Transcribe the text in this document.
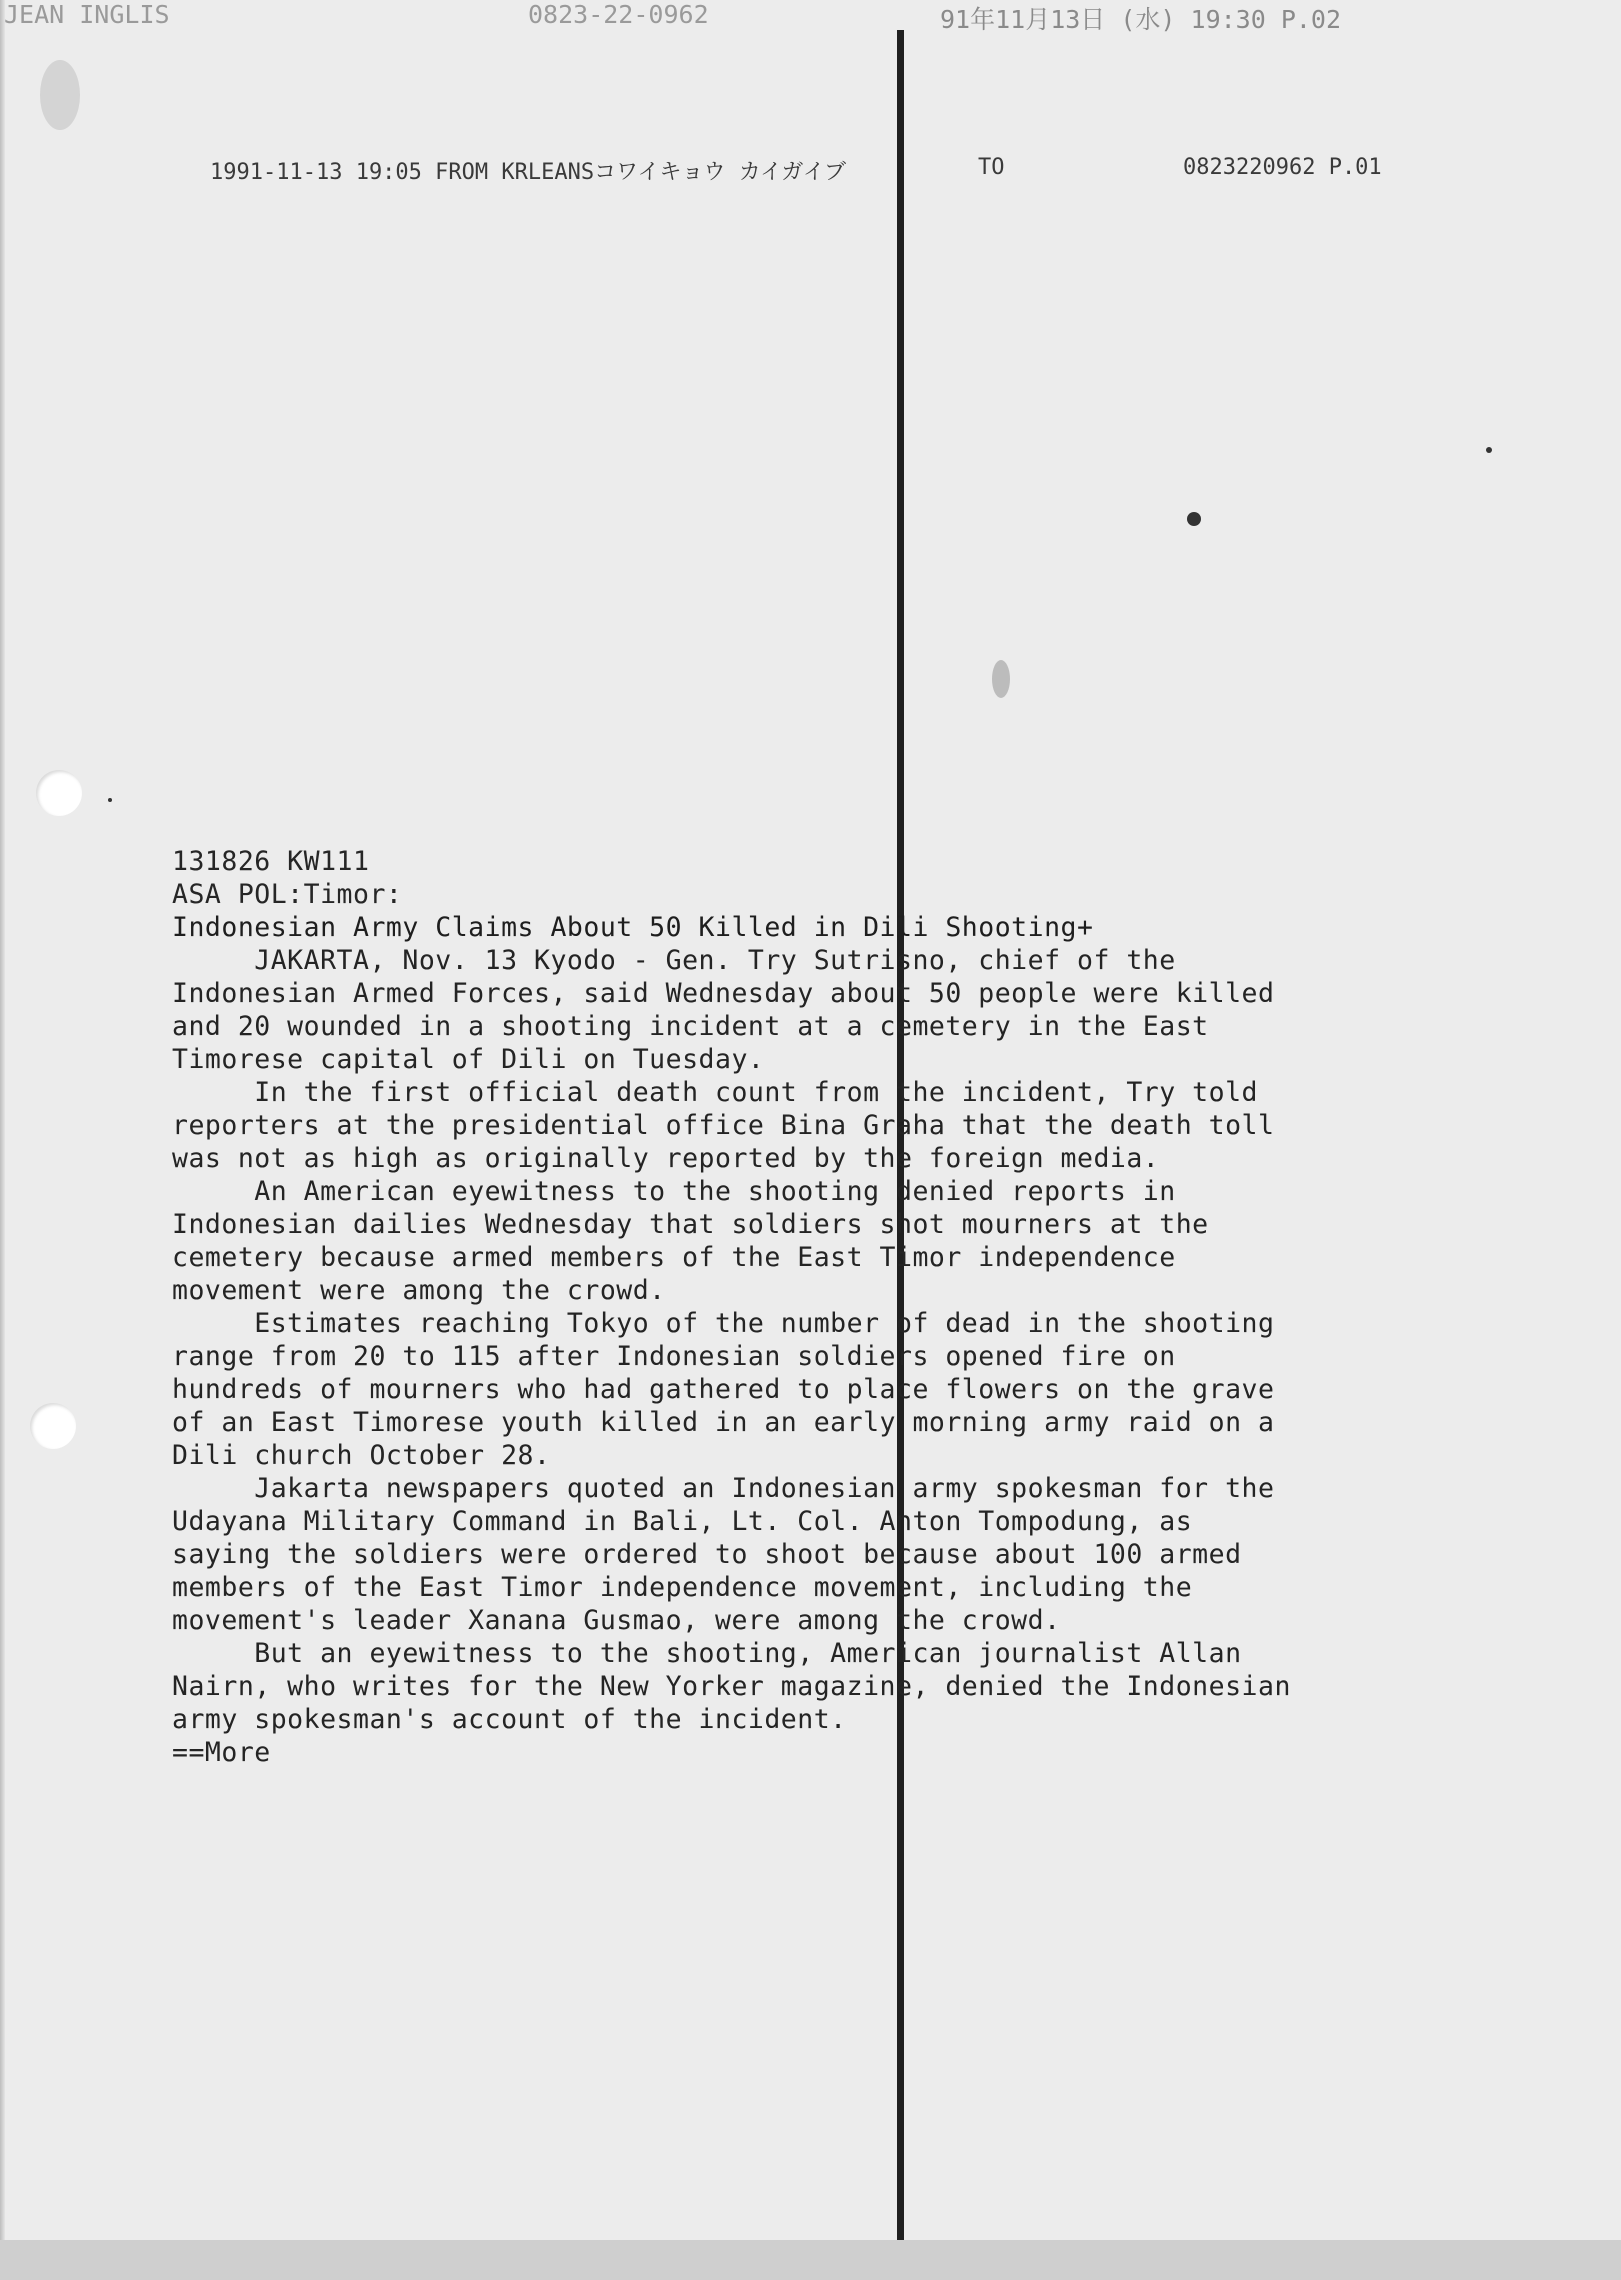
JEAN INGLIS	0823-22-0962	91年11月13日 (水) 19:30 P.02
1991-11-13 19:05 FROM KRLEANSコワイキョウ カイガイブ	TO	0823220962 P.01
131826 KW111
ASA POL:Timor:
Indonesian Army Claims About 50 Killed in Dili Shooting+
JAKARTA, Nov. 13 Kyodo - Gen. Try Sutrisno, chief of the
Indonesian Armed Forces, said Wednesday about 50 people were killed
and 20 wounded in a shooting incident at a cemetery in the East
Timorese capital of Dili on Tuesday.
In the first official death count from the incident, Try told
reporters at the presidential office Bina Graha that the death toll
was not as high as originally reported by the foreign media.
An American eyewitness to the shooting denied reports in
Indonesian dailies Wednesday that soldiers shot mourners at the
cemetery because armed members of the East Timor independence
movement were among the crowd.
Estimates reaching Tokyo of the number of dead in the shooting
range from 20 to 115 after Indonesian soldiers opened fire on
hundreds of mourners who had gathered to place flowers on the grave
of an East Timorese youth killed in an early morning army raid on a
Dili church October 28.
Jakarta newspapers quoted an Indonesian army spokesman for the
Udayana Military Command in Bali, Lt. Col. Anton Tompodung, as
saying the soldiers were ordered to shoot because about 100 armed
members of the East Timor independence movement, including the
movement's leader Xanana Gusmao, were among the crowd.
But an eyewitness to the shooting, American journalist Allan
Nairn, who writes for the New Yorker magazine, denied the Indonesian
army spokesman's account of the incident.
==More
